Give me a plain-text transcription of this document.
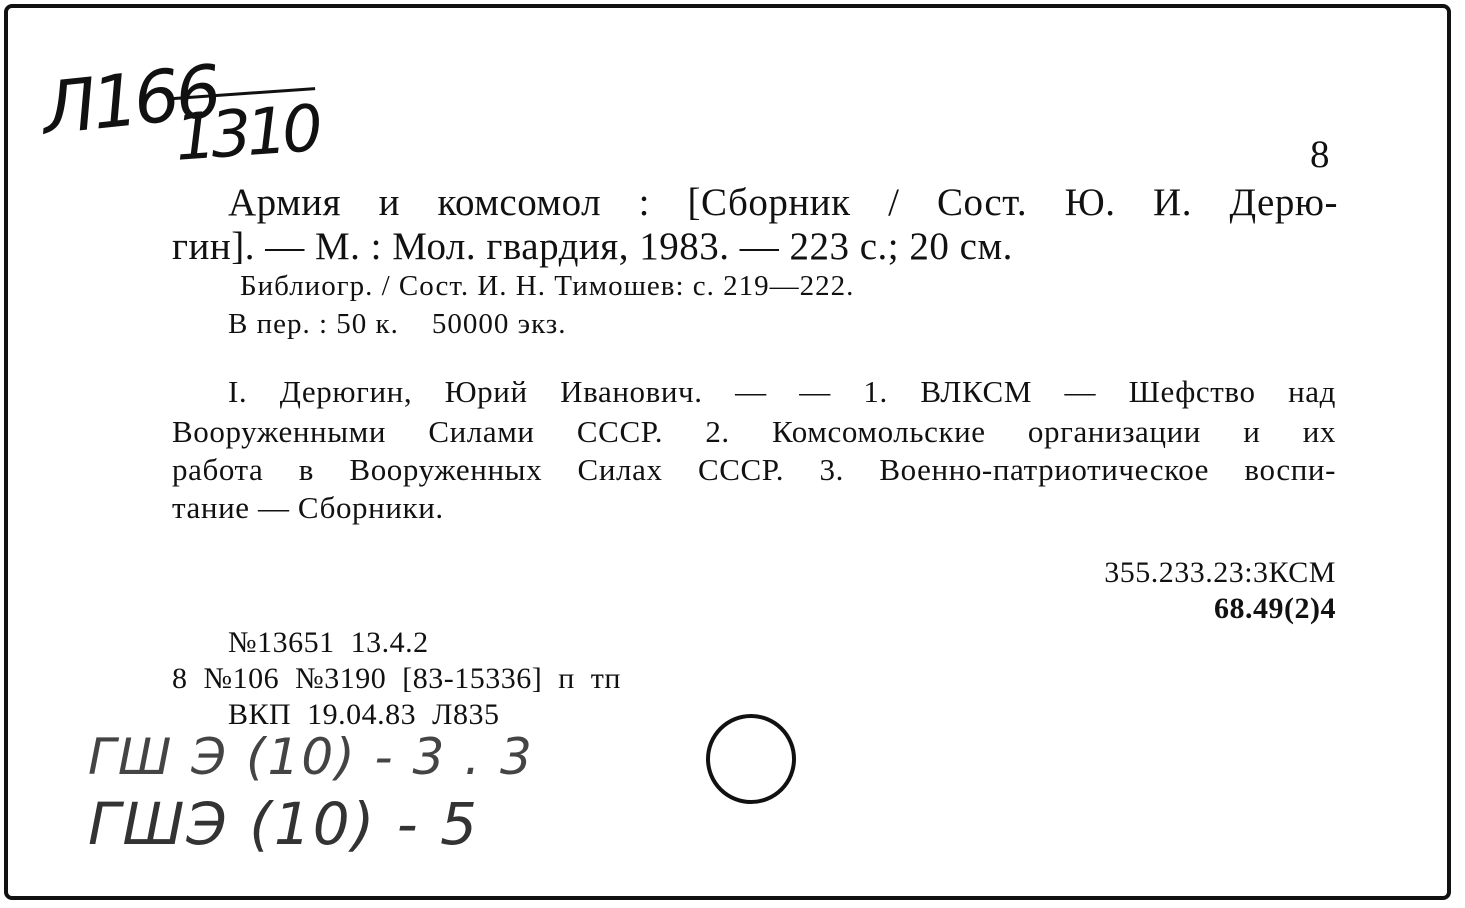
Л166
1310	8
Армия и комсомол : [Сборник / Сост. Ю. И. Дерю-
гин]. — М. : Мол. гвардия, 1983. — 223 с.; 20 см.
Библиогр. / Сост. И. Н. Тимошев: с. 219—222.
В пер. : 50 к.    50000 экз.
I. Дерюгин, Юрий Иванович. — — 1. ВЛКСМ — Шефство над
Вооруженными Силами СССР. 2. Комсомольские организации и их
работа в Вооруженных Силах СССР. 3. Военно-патриотическое воспи-
тание — Сборники.
355.233.23:3КСМ
68.49(2)4
№13651  13.4.2
8  №106  №3190  [83-15336]  п  тп
ВКП  19.04.83  Л835
ГШ Э (10) - 3 . 3
ГШЭ (10) - 5
